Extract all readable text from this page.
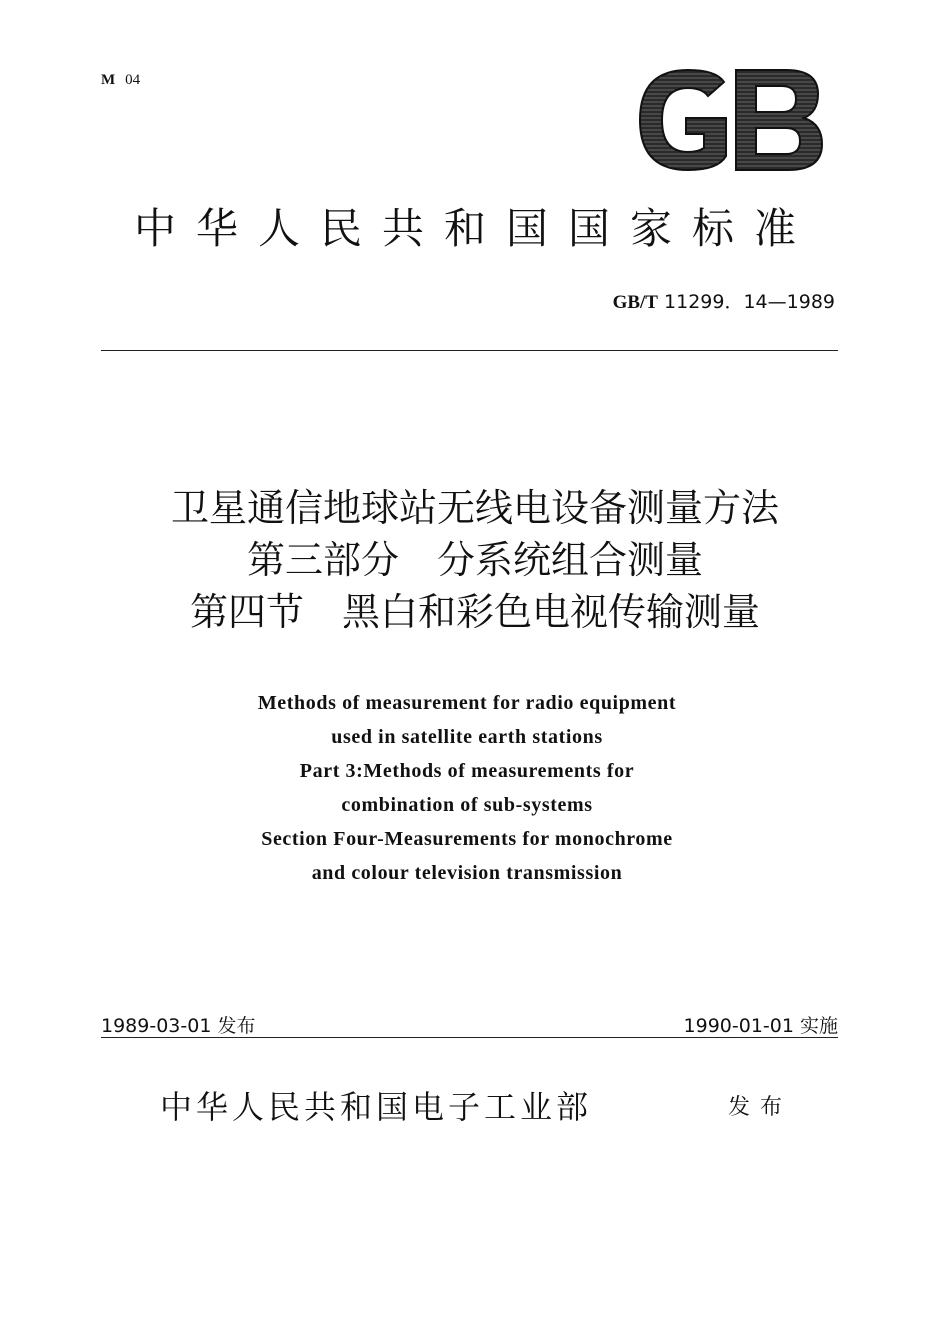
M 04
中华人民共和国国家标准
GB/T 11299．14—1989
卫星通信地球站无线电设备测量方法
第三部分　分系统组合测量
第四节　黑白和彩色电视传输测量
Methods of measurement for radio equipment
used in satellite earth stations
Part 3:Methods of measurements for
combination of sub-systems
Section Four-Measurements for monochrome
and colour television transmission
1989-03-01 发布	1990-01-01 实施
中华人民共和国电子工业部	发布
